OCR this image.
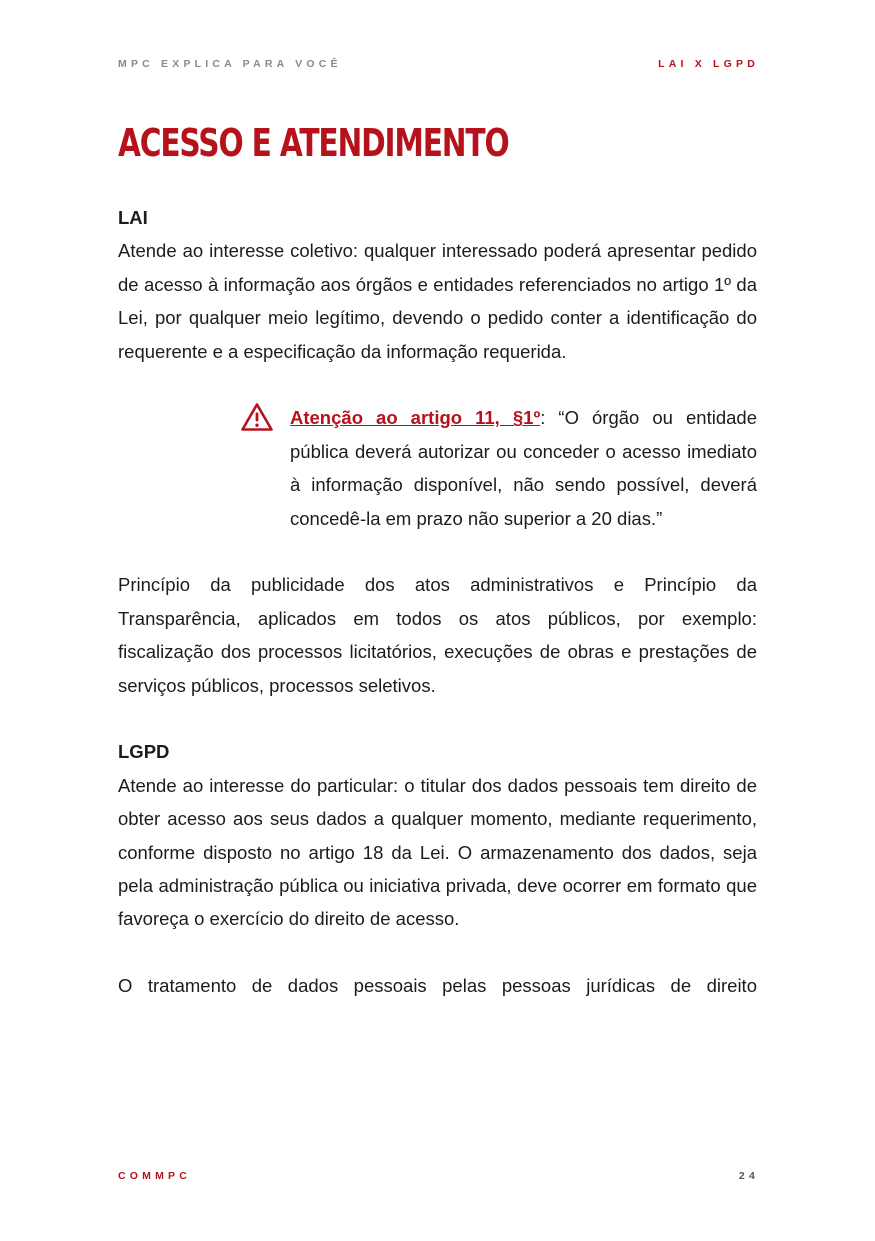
MPC EXPLICA PARA VOCÊ	LAI X LGPD
ACESSO E ATENDIMENTO
LAI

Atende ao interesse coletivo: qualquer interessado poderá apresentar pedido de acesso à informação aos órgãos e entidades referenciados no artigo 1º da Lei, por qualquer meio legítimo, devendo o pedido conter a identificação do requerente e a especificação da informação requerida.

Atenção ao artigo 11, §1º: “O órgão ou entidade pública deverá autorizar ou conceder o acesso imediato à informação disponível, não sendo possível, deverá concedê-la em prazo não superior a 20 dias.”

Princípio da publicidade dos atos administrativos e Princípio da Transparência, aplicados em todos os atos públicos, por exemplo: fiscalização dos processos licitatórios, execuções de obras e prestações de serviços públicos, processos seletivos.

LGPD

Atende ao interesse do particular: o titular dos dados pessoais tem direito de obter acesso aos seus dados a qualquer momento, mediante requerimento, conforme disposto no artigo 18 da Lei. O armazenamento dos dados, seja pela administração pública ou iniciativa privada, deve ocorrer em formato que favoreça o exercício do direito de acesso.

O tratamento de dados pessoais pelas pessoas jurídicas de direito

COMMPC	24
